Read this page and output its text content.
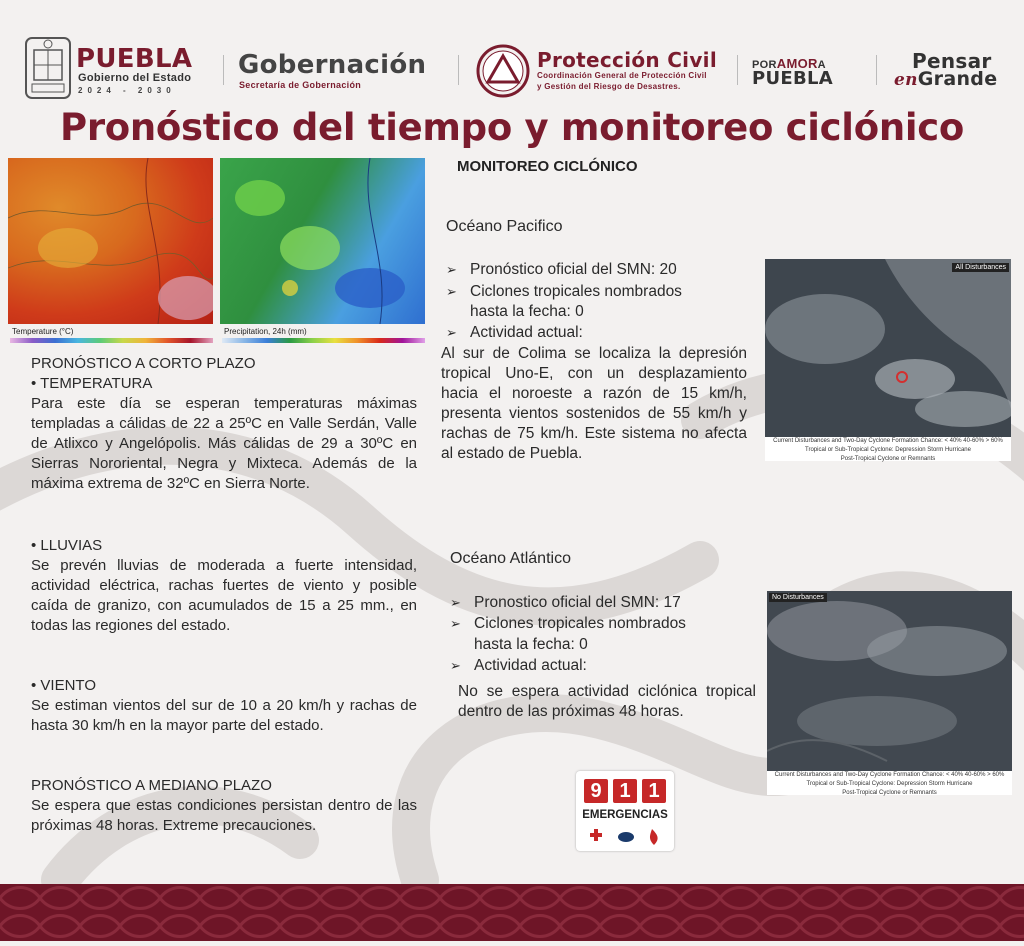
PUEBLA
Gobierno del Estado
2024 - 2030
Gobernación
Secretaría de Gobernación
Protección Civil
Coordinación General de Protección Civil
y Gestión del Riesgo de Desastres.
PORAMORA
PUEBLA
Pensar
enGrande
Pronóstico del tiempo y monitoreo ciclónico
MONITOREO CICLÓNICO
Temperature (°C)	Precipitation, 24h (mm)
PRONÓSTICO A CORTO PLAZO
• TEMPERATURA
Para este día se esperan temperaturas máximas templadas a cálidas de 22 a 25ºC en Valle Serdán, Valle de Atlixco y Angelópolis. Más cálidas de 29 a 30ºC en Sierras Nororiental, Negra y Mixteca. Además de la máxima extrema de 32ºC en Sierra Norte.
• LLUVIAS
Se prevén lluvias de moderada a fuerte intensidad, actividad eléctrica, rachas fuertes de viento y posible caída de granizo, con acumulados de 15 a 25 mm., en todas las regiones del estado.
• VIENTO
Se estiman vientos del sur de 10 a 20 km/h y rachas de hasta 30 km/h en la mayor parte del estado.
PRONÓSTICO A MEDIANO PLAZO
Se espera que estas condiciones persistan dentro de las próximas 48 horas. Extreme precauciones.
Océano Pacifico
➢ Pronóstico oficial del SMN: 20
➢ Ciclones tropicales nombrados
hasta la fecha: 0
➢ Actividad actual:
Al sur de Colima se localiza la depresión tropical Uno-E, con un desplazamiento hacia el noroeste a razón de 15 km/h, presenta vientos sostenidos de 55 km/h y rachas de 75 km/h. Este sistema no afecta al estado de Puebla.
All Disturbances
Current Disturbances and Two-Day Cyclone Formation Chance: < 40% 40-60% > 60%
Tropical or Sub-Tropical Cyclone: Depression Storm Hurricane
Post-Tropical Cyclone or Remnants
Océano Atlántico
➢ Pronostico oficial del SMN: 17
➢ Ciclones tropicales nombrados
hasta la fecha: 0
➢ Actividad actual:
No se espera actividad ciclónica tropical dentro de las próximas 48 horas.
No Disturbances
Current Disturbances and Two-Day Cyclone Formation Chance: < 40% 40-60% > 60%
Tropical or Sub-Tropical Cyclone: Depression Storm Hurricane
Post-Tropical Cyclone or Remnants
9 1 1
EMERGENCIAS
